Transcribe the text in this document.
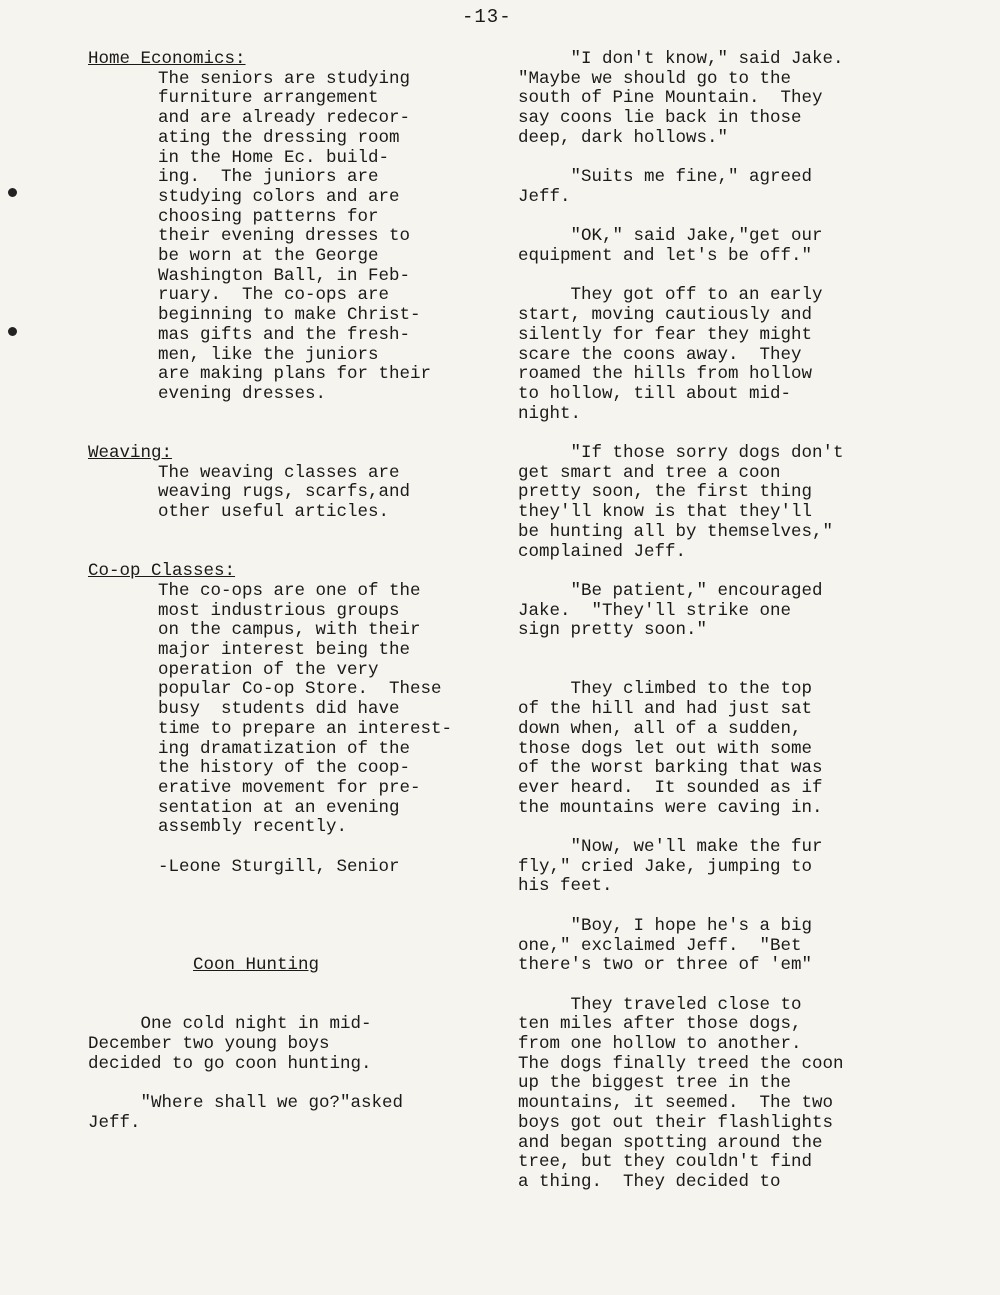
-13-
Home Economics:
The seniors are studying
furniture arrangement
and are already redecor-
ating the dressing room
in the Home Ec. build-
ing.  The juniors are
studying colors and are
choosing patterns for
their evening dresses to
be worn at the George
Washington Ball, in Feb-
ruary.  The co-ops are
beginning to make Christ-
mas gifts and the fresh-
men, like the juniors
are making plans for their
evening dresses.
Weaving:
The weaving classes are
weaving rugs, scarfs,and
other useful articles.
Co-op Classes:
The co-ops are one of the
most industrious groups
on the campus, with their
major interest being the
operation of the very
popular Co-op Store.  These
busy  students did have
time to prepare an interest-
ing dramatization of the
the history of the coop-
erative movement for pre-
sentation at an evening
assembly recently.
-Leone Sturgill, Senior
Coon Hunting
One cold night in mid-
December two young boys
decided to go coon hunting.
"Where shall we go?"asked
Jeff.
"I don't know," said Jake.
"Maybe we should go to the
south of Pine Mountain.  They
say coons lie back in those
deep, dark hollows."
"Suits me fine," agreed
Jeff.
"OK," said Jake,"get our
equipment and let's be off."
They got off to an early
start, moving cautiously and
silently for fear they might
scare the coons away.  They
roamed the hills from hollow
to hollow, till about mid-
night.
"If those sorry dogs don't
get smart and tree a coon
pretty soon, the first thing
they'll know is that they'll
be hunting all by themselves,"
complained Jeff.
"Be patient," encouraged
Jake.  "They'll strike one
sign pretty soon."
They climbed to the top
of the hill and had just sat
down when, all of a sudden,
those dogs let out with some
of the worst barking that was
ever heard.  It sounded as if
the mountains were caving in.
"Now, we'll make the fur
fly," cried Jake, jumping to
his feet.
"Boy, I hope he's a big
one," exclaimed Jeff.  "Bet
there's two or three of 'em"
They traveled close to
ten miles after those dogs,
from one hollow to another.
The dogs finally treed the coon
up the biggest tree in the
mountains, it seemed.  The two
boys got out their flashlights
and began spotting around the
tree, but they couldn't find
a thing.  They decided to
